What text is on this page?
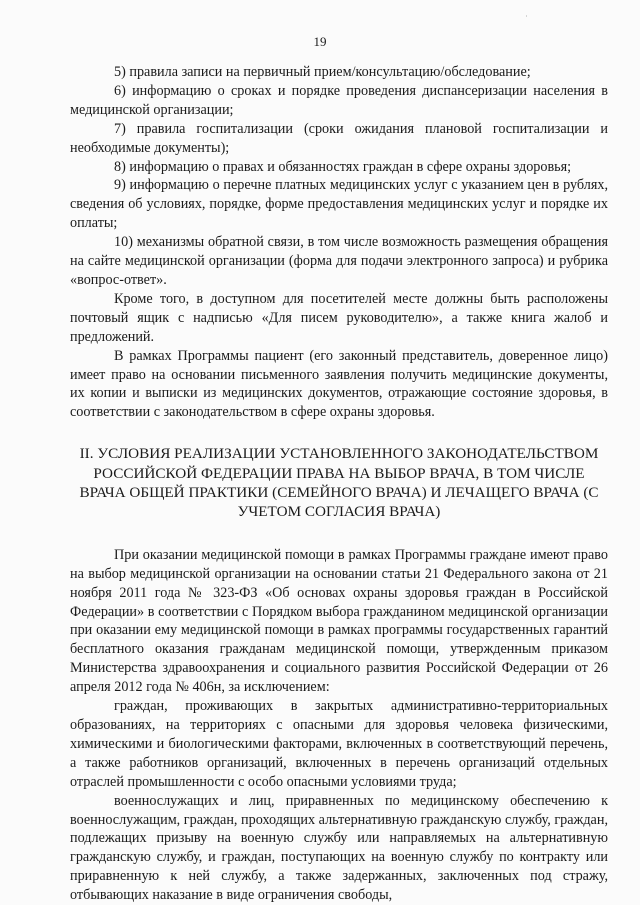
˙
19

5) правила записи на первичный прием/консультацию/обследование;

6) информацию о сроках и порядке проведения диспансеризации населения в медицинской организации;

7) правила госпитализации (сроки ожидания плановой госпитализации и необходимые документы);

8) информацию о правах и обязанностях граждан в сфере охраны здоровья;

9) информацию о перечне платных медицинских услуг с указанием цен в рублях, сведения об условиях, порядке, форме предоставления медицинских услуг и порядке их оплаты;

10) механизмы обратной связи, в том числе возможность размещения обращения на сайте медицинской организации (форма для подачи электронного запроса) и рубрика «вопрос-ответ».

Кроме того, в доступном для посетителей месте должны быть расположены почтовый ящик с надписью «Для писем руководителю», а также книга жалоб и предложений.

В рамках Программы пациент (его законный представитель, доверенное лицо) имеет право на основании письменного заявления получить медицинские документы, их копии и выписки из медицинских документов, отражающие состояние здоровья, в соответствии с законодательством в сфере охраны здоровья.

II. УСЛОВИЯ РЕАЛИЗАЦИИ УСТАНОВЛЕННОГО ЗАКОНОДАТЕЛЬСТВОМ РОССИЙСКОЙ ФЕДЕРАЦИИ ПРАВА НА ВЫБОР ВРАЧА, В ТОМ ЧИСЛЕ ВРАЧА ОБЩЕЙ ПРАКТИКИ (СЕМЕЙНОГО ВРАЧА) И ЛЕЧАЩЕГО ВРАЧА (С УЧЕТОМ СОГЛАСИЯ ВРАЧА)

При оказании медицинской помощи в рамках Программы граждане имеют право на выбор медицинской организации на основании статьи 21 Федерального закона от 21 ноября 2011 года № 323-ФЗ «Об основах охраны здоровья граждан в Российской Федерации» в соответствии с Порядком выбора гражданином медицинской организации при оказании ему медицинской помощи в рамках программы государственных гарантий бесплатного оказания гражданам медицинской помощи, утвержденным приказом Министерства здравоохранения и социального развития Российской Федерации от 26 апреля 2012 года № 406н, за исключением:

граждан, проживающих в закрытых административно-территориальных образованиях, на территориях с опасными для здоровья человека физическими, химическими и биологическими факторами, включенных в соответствующий перечень, а также работников организаций, включенных в перечень организаций отдельных отраслей промышленности с особо опасными условиями труда;

военнослужащих и лиц, приравненных по медицинскому обеспечению к военнослужащим, граждан, проходящих альтернативную гражданскую службу, граждан, подлежащих призыву на военную службу или направляемых на альтернативную гражданскую службу, и граждан, поступающих на военную службу по контракту или приравненную к ней службу, а также задержанных, заключенных под стражу, отбывающих наказание в виде ограничения свободы,
